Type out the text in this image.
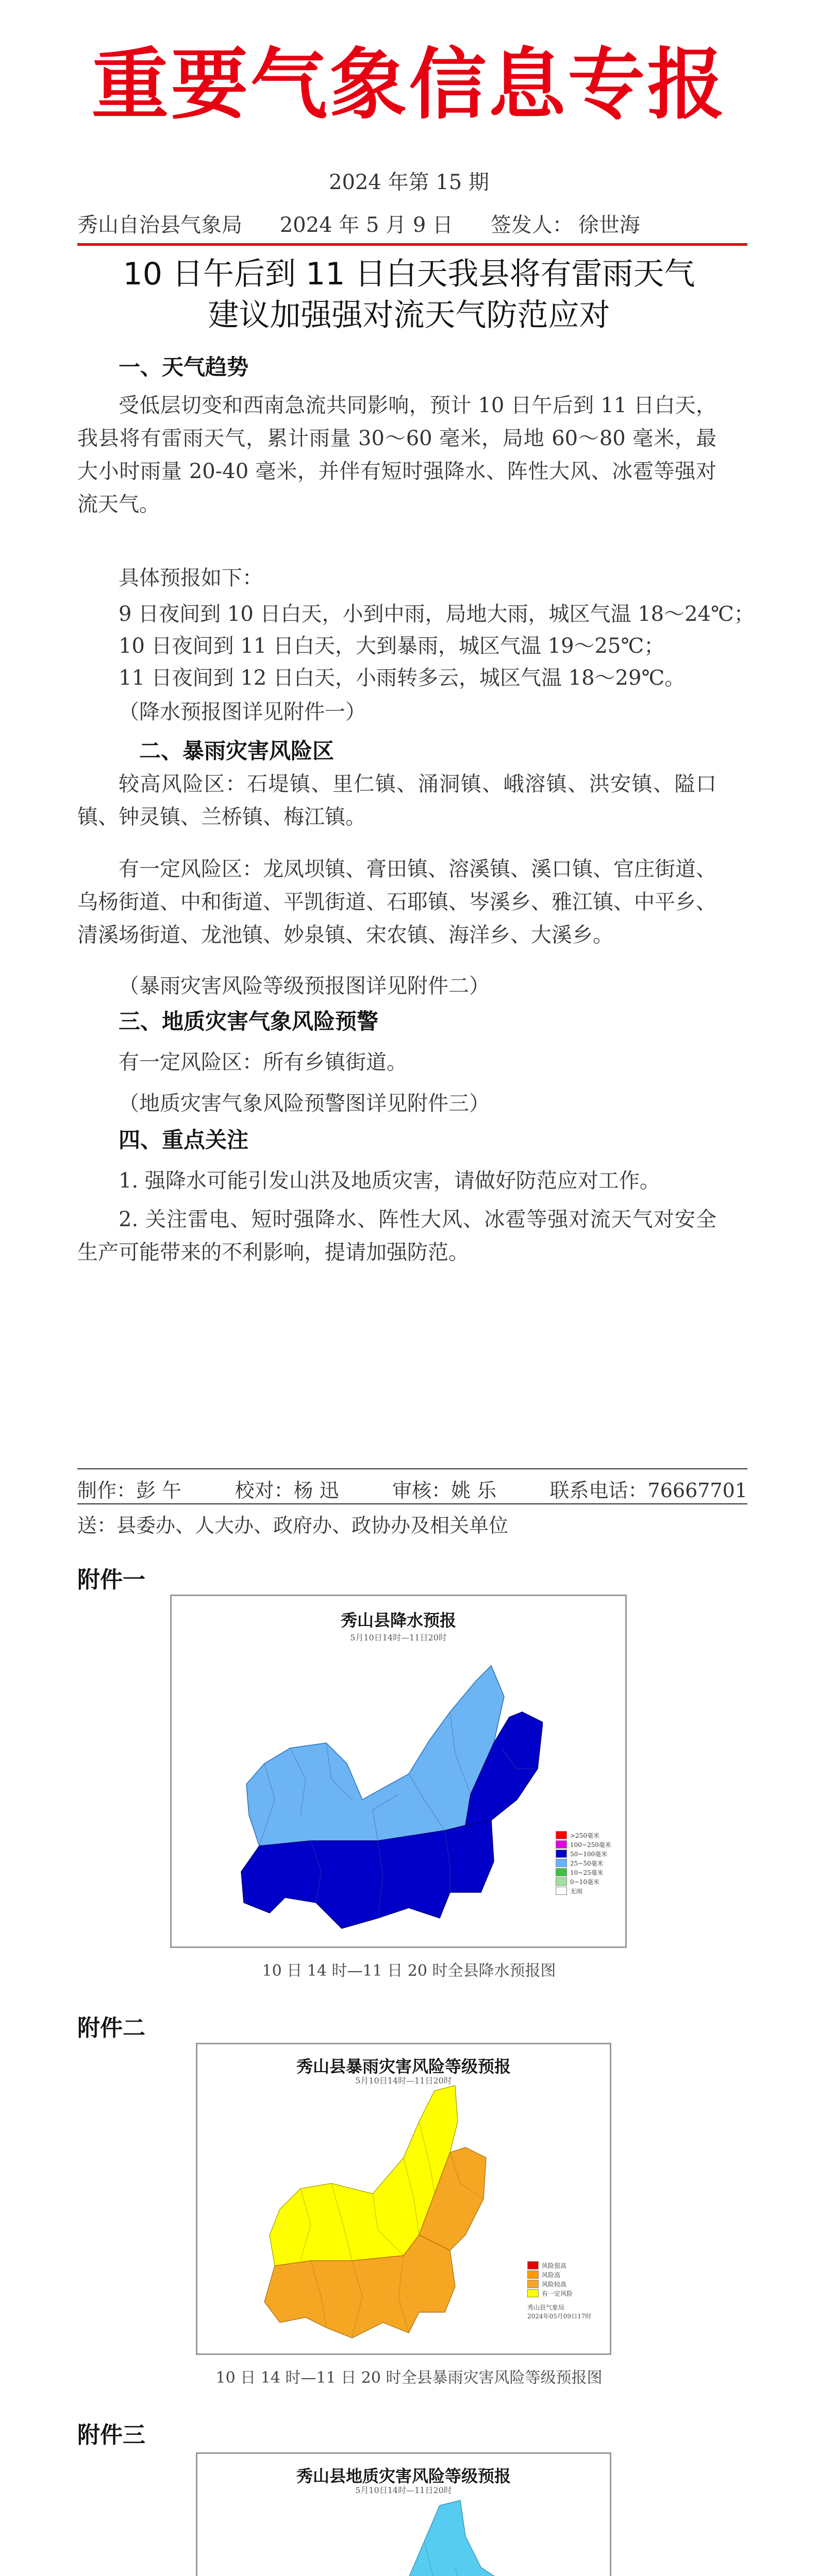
重要气象信息专报
2024 年第 15 期
秀山自治县气象局 2024 年 5 月 9 日 签发人： 徐世海
10 日午后到 11 日白天我县将有雷雨天气
建议加强强对流天气防范应对
一、天气趋势
受低层切变和西南急流共同影响，预计 10 日午后到 11 日白天，我县将有雷雨天气，累计雨量 30～60 毫米，局地 60～80 毫米，最大小时雨量 20-40 毫米，并伴有短时强降水、阵性大风、冰雹等强对流天气。
具体预报如下：
9 日夜间到 10 日白天，小到中雨，局地大雨，城区气温 18～24℃；
10 日夜间到 11 日白天，大到暴雨，城区气温 19～25℃；
11 日夜间到 12 日白天，小雨转多云，城区气温 18～29℃。
（降水预报图详见附件一）
二、暴雨灾害风险区
较高风险区：石堤镇、里仁镇、涌洞镇、峨溶镇、洪安镇、隘口镇、钟灵镇、兰桥镇、梅江镇。
有一定风险区：龙凤坝镇、膏田镇、溶溪镇、溪口镇、官庄街道、乌杨街道、中和街道、平凯街道、石耶镇、岑溪乡、雅江镇、中平乡、清溪场街道、龙池镇、妙泉镇、宋农镇、海洋乡、大溪乡。
（暴雨灾害风险等级预报图详见附件二）
三、地质灾害气象风险预警
有一定风险区：所有乡镇街道。
（地质灾害气象风险预警图详见附件三）
四、重点关注
1. 强降水可能引发山洪及地质灾害，请做好防范应对工作。
2. 关注雷电、短时强降水、阵性大风、冰雹等强对流天气对安全生产可能带来的不利影响，提请加强防范。
制作：彭 午	校对：杨 迅	审核：姚 乐	联系电话：76667701
送：县委办、人大办、政府办、政协办及相关单位
附件一
秀山县降水预报
5月10日14时—11日20时
>250毫米
100~250毫米
50~100毫米
25~50毫米
10~25毫米
0~10毫米
无雨
10 日 14 时—11 日 20 时全县降水预报图
附件二
秀山县暴雨灾害风险等级预报
5月10日14时—11日20时
风险很高
风险高
风险较高
有一定风险
秀山县气象局
2024年05月09日17时
10 日 14 时—11 日 20 时全县暴雨灾害风险等级预报图
附件三
秀山县地质灾害风险等级预报
5月10日14时—11日20时
